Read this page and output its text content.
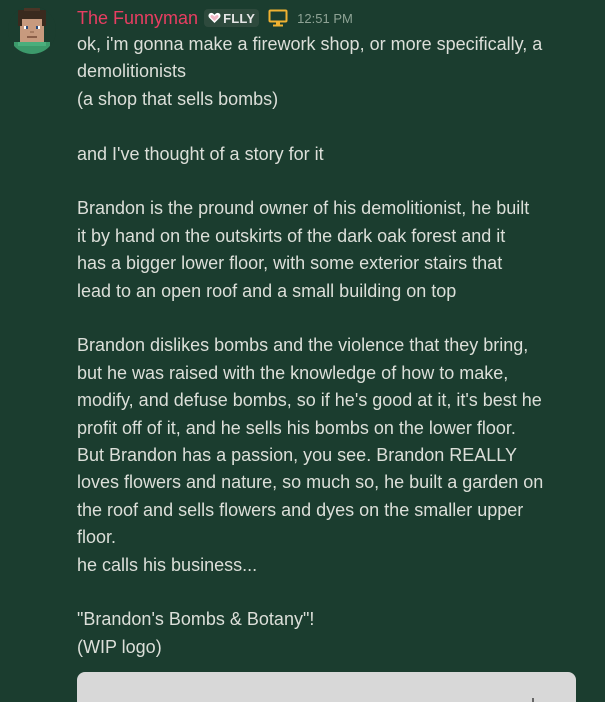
The Funnyman FLLY	12:51 PM
ok, i'm gonna make a firework shop, or more specifically, a
demolitionists
(a shop that sells bombs)
and I've thought of a story for it
Brandon is the pround owner of his demolitionist, he built
it by hand on the outskirts of the dark oak forest and it
has a bigger lower floor, with some exterior stairs that
lead to an open roof and a small building on top
Brandon dislikes bombs and the violence that they bring,
but he was raised with the knowledge of how to make,
modify, and defuse bombs, so if he's good at it, it's best he
profit off of it, and he sells his bombs on the lower floor.
But Brandon has a passion, you see. Brandon REALLY
loves flowers and nature, so much so, he built a garden on
the roof and sells flowers and dyes on the smaller upper
floor.
he calls his business...
"Brandon's Bombs & Botany"!
(WIP logo)
